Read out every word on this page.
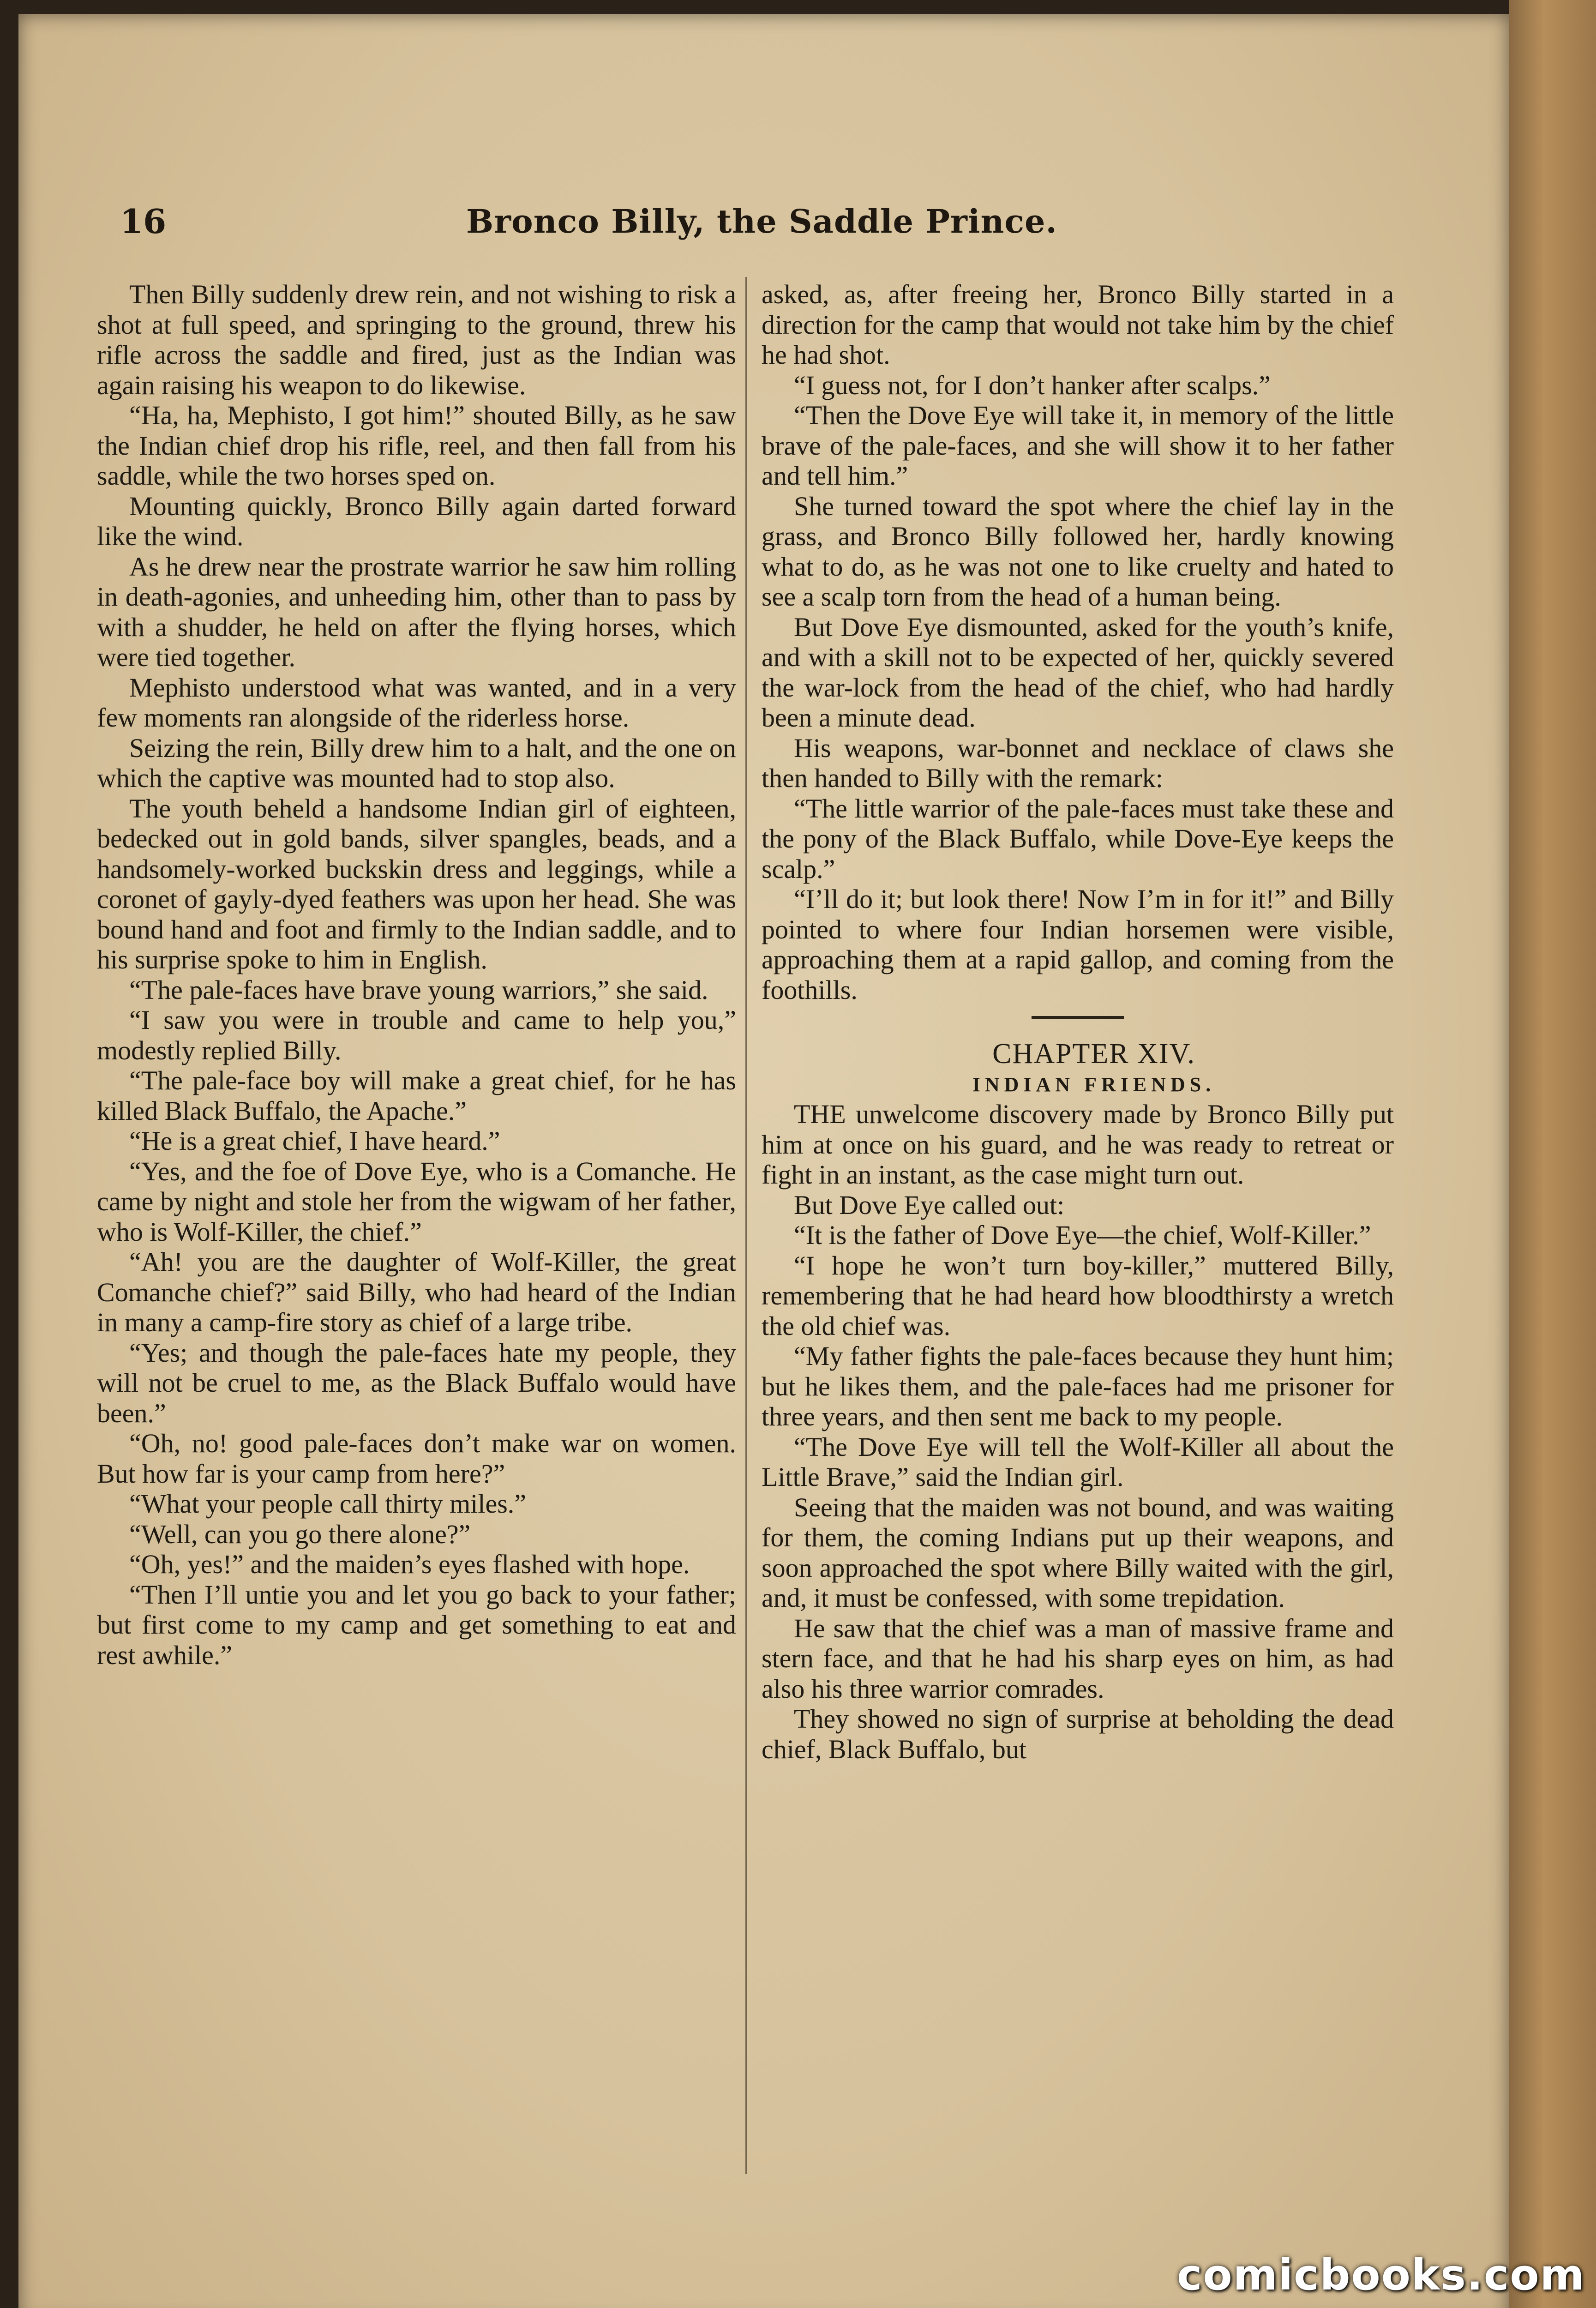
16	Bronco Billy, the Saddle Prince.

Then Billy suddenly drew rein, and not wishing to risk a shot at full speed, and springing to the ground, threw his rifle across the saddle and fired, just as the Indian was again raising his weapon to do likewise.

“Ha, ha, Mephisto, I got him!” shouted Billy, as he saw the Indian chief drop his rifle, reel, and then fall from his saddle, while the two horses sped on.

Mounting quickly, Bronco Billy again darted forward like the wind.

As he drew near the prostrate warrior he saw him rolling in death-agonies, and unheeding him, other than to pass by with a shudder, he held on after the flying horses, which were tied together.

Mephisto understood what was wanted, and in a very few moments ran alongside of the riderless horse.

Seizing the rein, Billy drew him to a halt, and the one on which the captive was mounted had to stop also.

The youth beheld a handsome Indian girl of eighteen, bedecked out in gold bands, silver spangles, beads, and a handsomely-worked buckskin dress and leggings, while a coronet of gayly-dyed feathers was upon her head. She was bound hand and foot and firmly to the Indian saddle, and to his surprise spoke to him in English.

“The pale-faces have brave young warriors,” she said.

“I saw you were in trouble and came to help you,” modestly replied Billy.

“The pale-face boy will make a great chief, for he has killed Black Buffalo, the Apache.”

“He is a great chief, I have heard.”

“Yes, and the foe of Dove Eye, who is a Comanche. He came by night and stole her from the wigwam of her father, who is Wolf-Killer, the chief.”

“Ah! you are the daughter of Wolf-Killer, the great Comanche chief?” said Billy, who had heard of the Indian in many a camp-fire story as chief of a large tribe.

“Yes; and though the pale-faces hate my people, they will not be cruel to me, as the Black Buffalo would have been.”

“Oh, no! good pale-faces don’t make war on women. But how far is your camp from here?”

“What your people call thirty miles.”

“Well, can you go there alone?”

“Oh, yes!” and the maiden’s eyes flashed with hope.

“Then I’ll untie you and let you go back to your father; but first come to my camp and get something to eat and rest awhile.”

asked, as, after freeing her, Bronco Billy started in a direction for the camp that would not take him by the chief he had shot.

“I guess not, for I don’t hanker after scalps.”

“Then the Dove Eye will take it, in memory of the little brave of the pale-faces, and she will show it to her father and tell him.”

She turned toward the spot where the chief lay in the grass, and Bronco Billy followed her, hardly knowing what to do, as he was not one to like cruelty and hated to see a scalp torn from the head of a human being.

But Dove Eye dismounted, asked for the youth’s knife, and with a skill not to be expected of her, quickly severed the war-lock from the head of the chief, who had hardly been a minute dead.

His weapons, war-bonnet and necklace of claws she then handed to Billy with the remark:

“The little warrior of the pale-faces must take these and the pony of the Black Buffalo, while Dove-Eye keeps the scalp.”

“I’ll do it; but look there! Now I’m in for it!” and Billy pointed to where four Indian horsemen were visible, approaching them at a rapid gallop, and coming from the foothills.

CHAPTER XIV.

INDIAN FRIENDS.

THE unwelcome discovery made by Bronco Billy put him at once on his guard, and he was ready to retreat or fight in an instant, as the case might turn out.

But Dove Eye called out:

“It is the father of Dove Eye—the chief, Wolf-Killer.”

“I hope he won’t turn boy-killer,” muttered Billy, remembering that he had heard how bloodthirsty a wretch the old chief was.

“My father fights the pale-faces because they hunt him; but he likes them, and the pale-faces had me prisoner for three years, and then sent me back to my people.

“The Dove Eye will tell the Wolf-Killer all about the Little Brave,” said the Indian girl.

Seeing that the maiden was not bound, and was waiting for them, the coming Indians put up their weapons, and soon approached the spot where Billy waited with the girl, and, it must be confessed, with some trepidation.

He saw that the chief was a man of massive frame and stern face, and that he had his sharp eyes on him, as had also his three warrior comrades.

They showed no sign of surprise at beholding the dead chief, Black Buffalo, but

comicbooks.com
